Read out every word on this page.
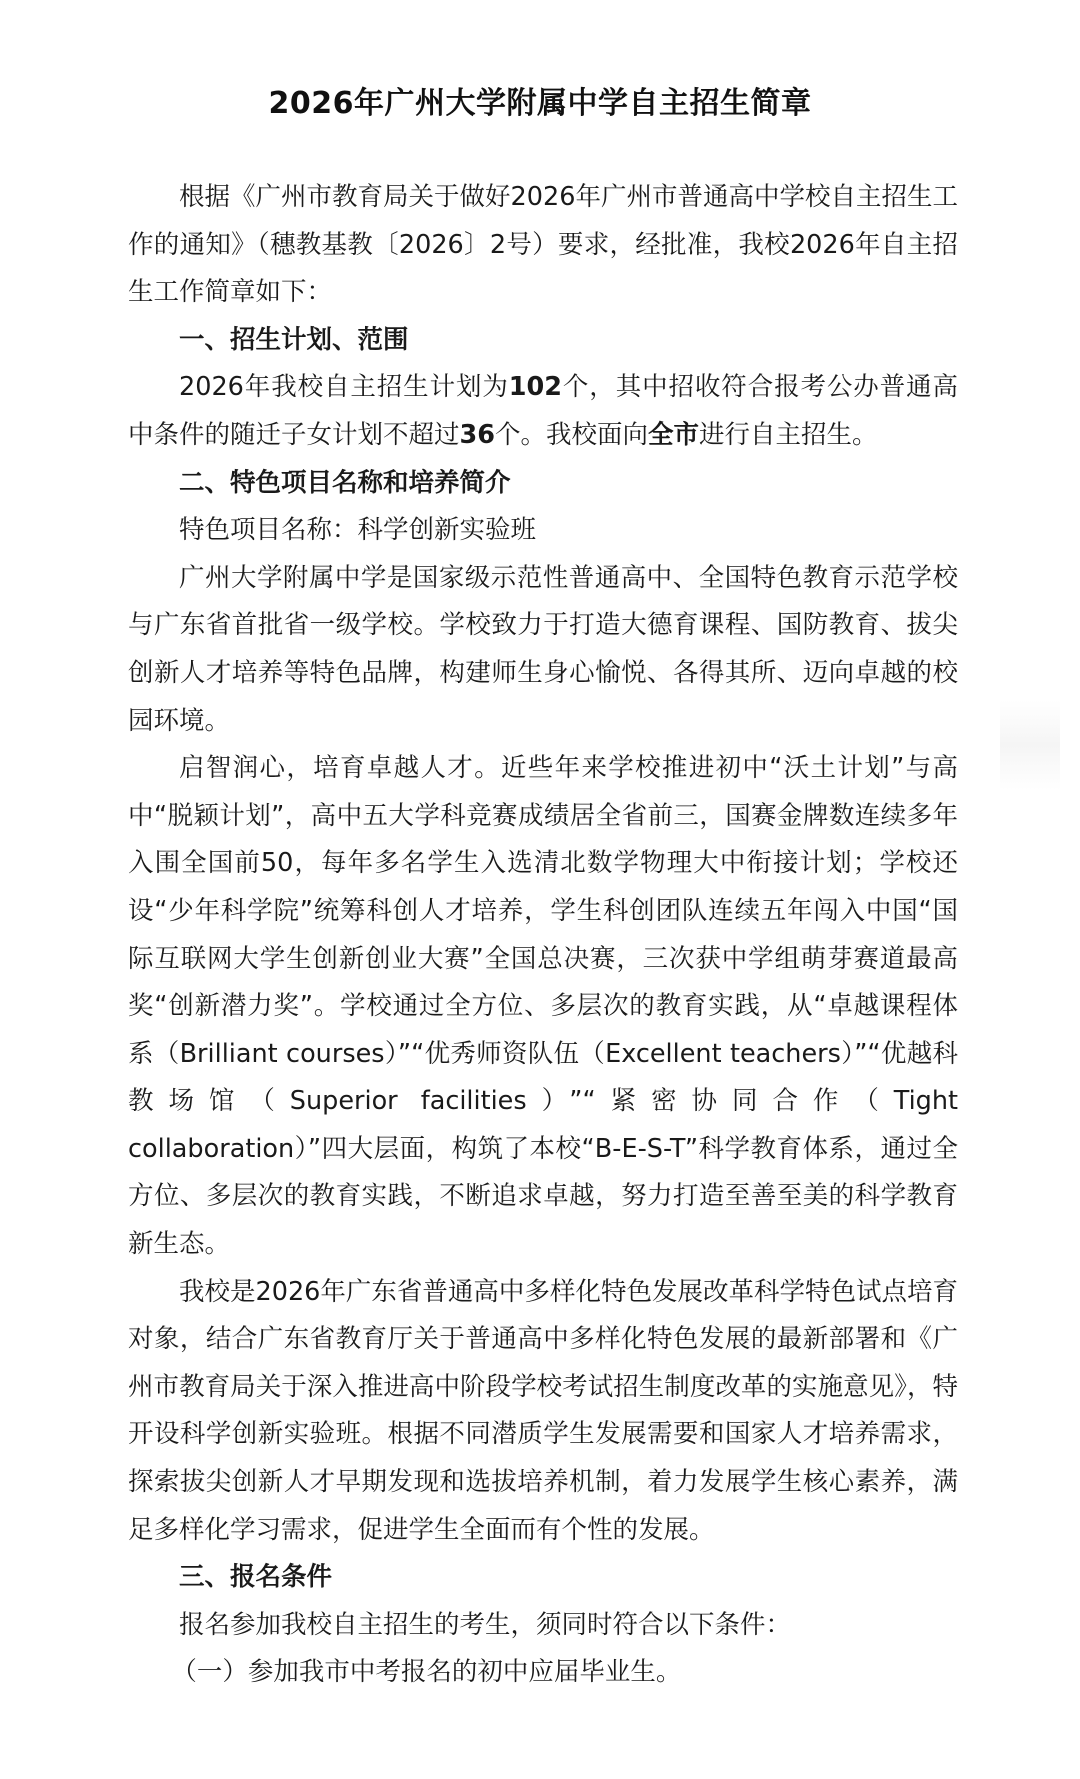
2026年广州大学附属中学自主招生简章

根据《广州市教育局关于做好2026年广州市普通高中学校自主招生工作的通知》（穗教基教〔2026〕2号）要求，经批准，我校2026年自主招生工作简章如下：

一、招生计划、范围

2026年我校自主招生计划为102个，其中招收符合报考公办普通高中条件的随迁子女计划不超过36个。我校面向全市进行自主招生。

二、特色项目名称和培养简介

特色项目名称：科学创新实验班

广州大学附属中学是国家级示范性普通高中、全国特色教育示范学校与广东省首批省一级学校。学校致力于打造大德育课程、国防教育、拔尖创新人才培养等特色品牌，构建师生身心愉悦、各得其所、迈向卓越的校园环境。

启智润心，培育卓越人才。近些年来学校推进初中“沃土计划”与高中“脱颖计划”，高中五大学科竞赛成绩居全省前三，国赛金牌数连续多年入围全国前50，每年多名学生入选清北数学物理大中衔接计划；学校还设“少年科学院”统筹科创人才培养，学生科创团队连续五年闯入中国“国际互联网大学生创新创业大赛”全国总决赛，三次获中学组萌芽赛道最高奖“创新潜力奖”。学校通过全方位、多层次的教育实践，从“卓越课程体系（Brilliant courses）”“优秀师资队伍（Excellent teachers）”“优越科教场馆（Superior facilities）”“紧密协同合作（Tight collaboration）”四大层面，构筑了本校“B-E-S-T”科学教育体系，通过全方位、多层次的教育实践，不断追求卓越，努力打造至善至美的科学教育新生态。

我校是2026年广东省普通高中多样化特色发展改革科学特色试点培育对象，结合广东省教育厅关于普通高中多样化特色发展的最新部署和《广州市教育局关于深入推进高中阶段学校考试招生制度改革的实施意见》，特开设科学创新实验班。根据不同潜质学生发展需要和国家人才培养需求，探索拔尖创新人才早期发现和选拔培养机制，着力发展学生核心素养，满足多样化学习需求，促进学生全面而有个性的发展。

三、报名条件

报名参加我校自主招生的考生，须同时符合以下条件：

（一）参加我市中考报名的初中应届毕业生。
